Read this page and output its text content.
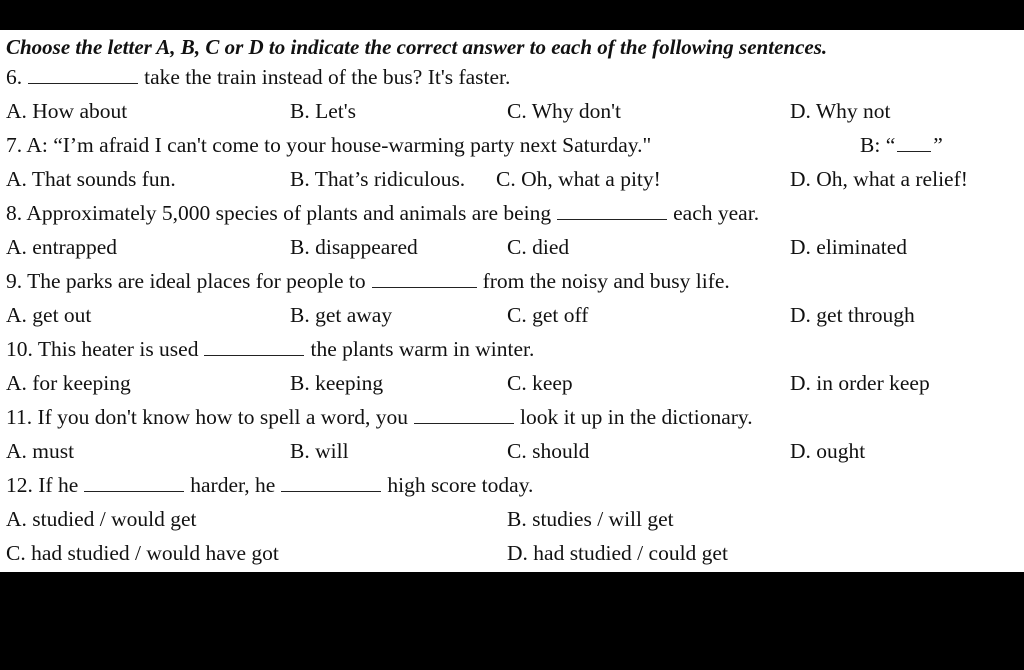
Choose the letter A, B, C or D to indicate the correct answer to each of the following sentences.
6.	take the train instead of the bus? It's faster.
A. How about	B. Let's	C. Why don't	D. Why not
7. A: “I’m afraid I can't come to your house-warming party next Saturday."	B: “ ”
A. That sounds fun.	B. That’s ridiculous. C. Oh, what a pity!	D. Oh, what a relief!
8. Approximately 5,000 species of plants and animals are being	each year.
A. entrapped	B. disappeared	C. died	D. eliminated
9. The parks are ideal places for people to	from the noisy and busy life.
A. get out	B. get away	C. get off	D. get through
10. This heater is used	the plants warm in winter.
A. for keeping	B. keeping	C. keep	D. in order keep
11. If you don't know how to spell a word, you	look it up in the dictionary.
A. must	B. will	C. should	D. ought
12. If he	harder, he	high score today.
A. studied / would get	B. studies / will get
C. had studied / would have got	D. had studied / could get
